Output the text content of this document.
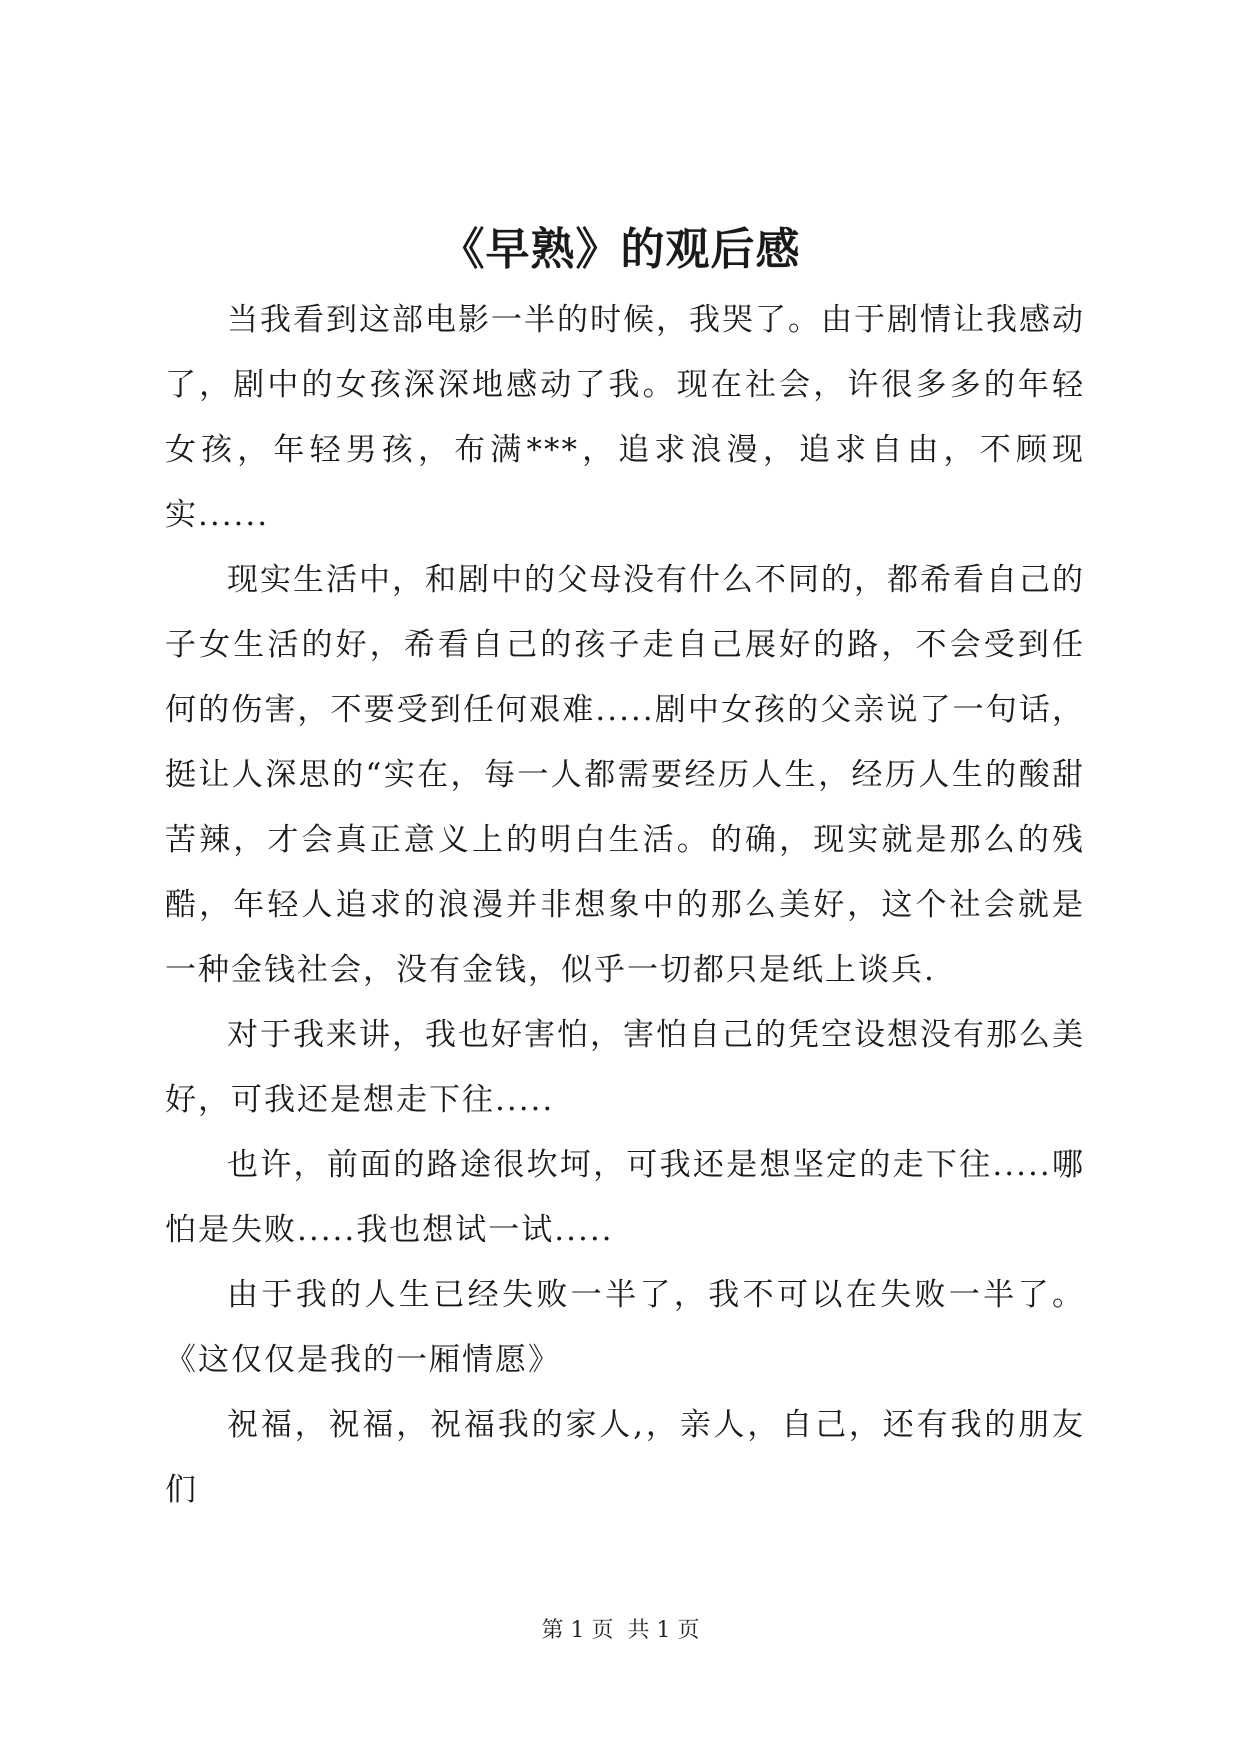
《早熟》的观后感

当我看到这部电影一半的时候，我哭了。由于剧情让我感动了，剧中的女孩深深地感动了我。现在社会，许很多多的年轻女孩，年轻男孩，布满***，追求浪漫，追求自由，不顾现实......

现实生活中，和剧中的父母没有什么不同的，都希看自己的子女生活的好，希看自己的孩子走自己展好的路，不会受到任何的伤害，不要受到任何艰难.....剧中女孩的父亲说了一句话，挺让人深思的“实在，每一人都需要经历人生，经历人生的酸甜苦辣，才会真正意义上的明白生活。的确，现实就是那么的残酷，年轻人追求的浪漫并非想象中的那么美好，这个社会就是一种金钱社会，没有金钱，似乎一切都只是纸上谈兵.

对于我来讲，我也好害怕，害怕自己的凭空设想没有那么美好，可我还是想走下往.....

也许，前面的路途很坎坷，可我还是想坚定的走下往.....哪怕是失败.....我也想试一试.....

由于我的人生已经失败一半了，我不可以在失败一半了。《这仅仅是我的一厢情愿》

祝福，祝福，祝福我的家人,，亲人，自己，还有我的朋友们

第 1 页  共 1 页
